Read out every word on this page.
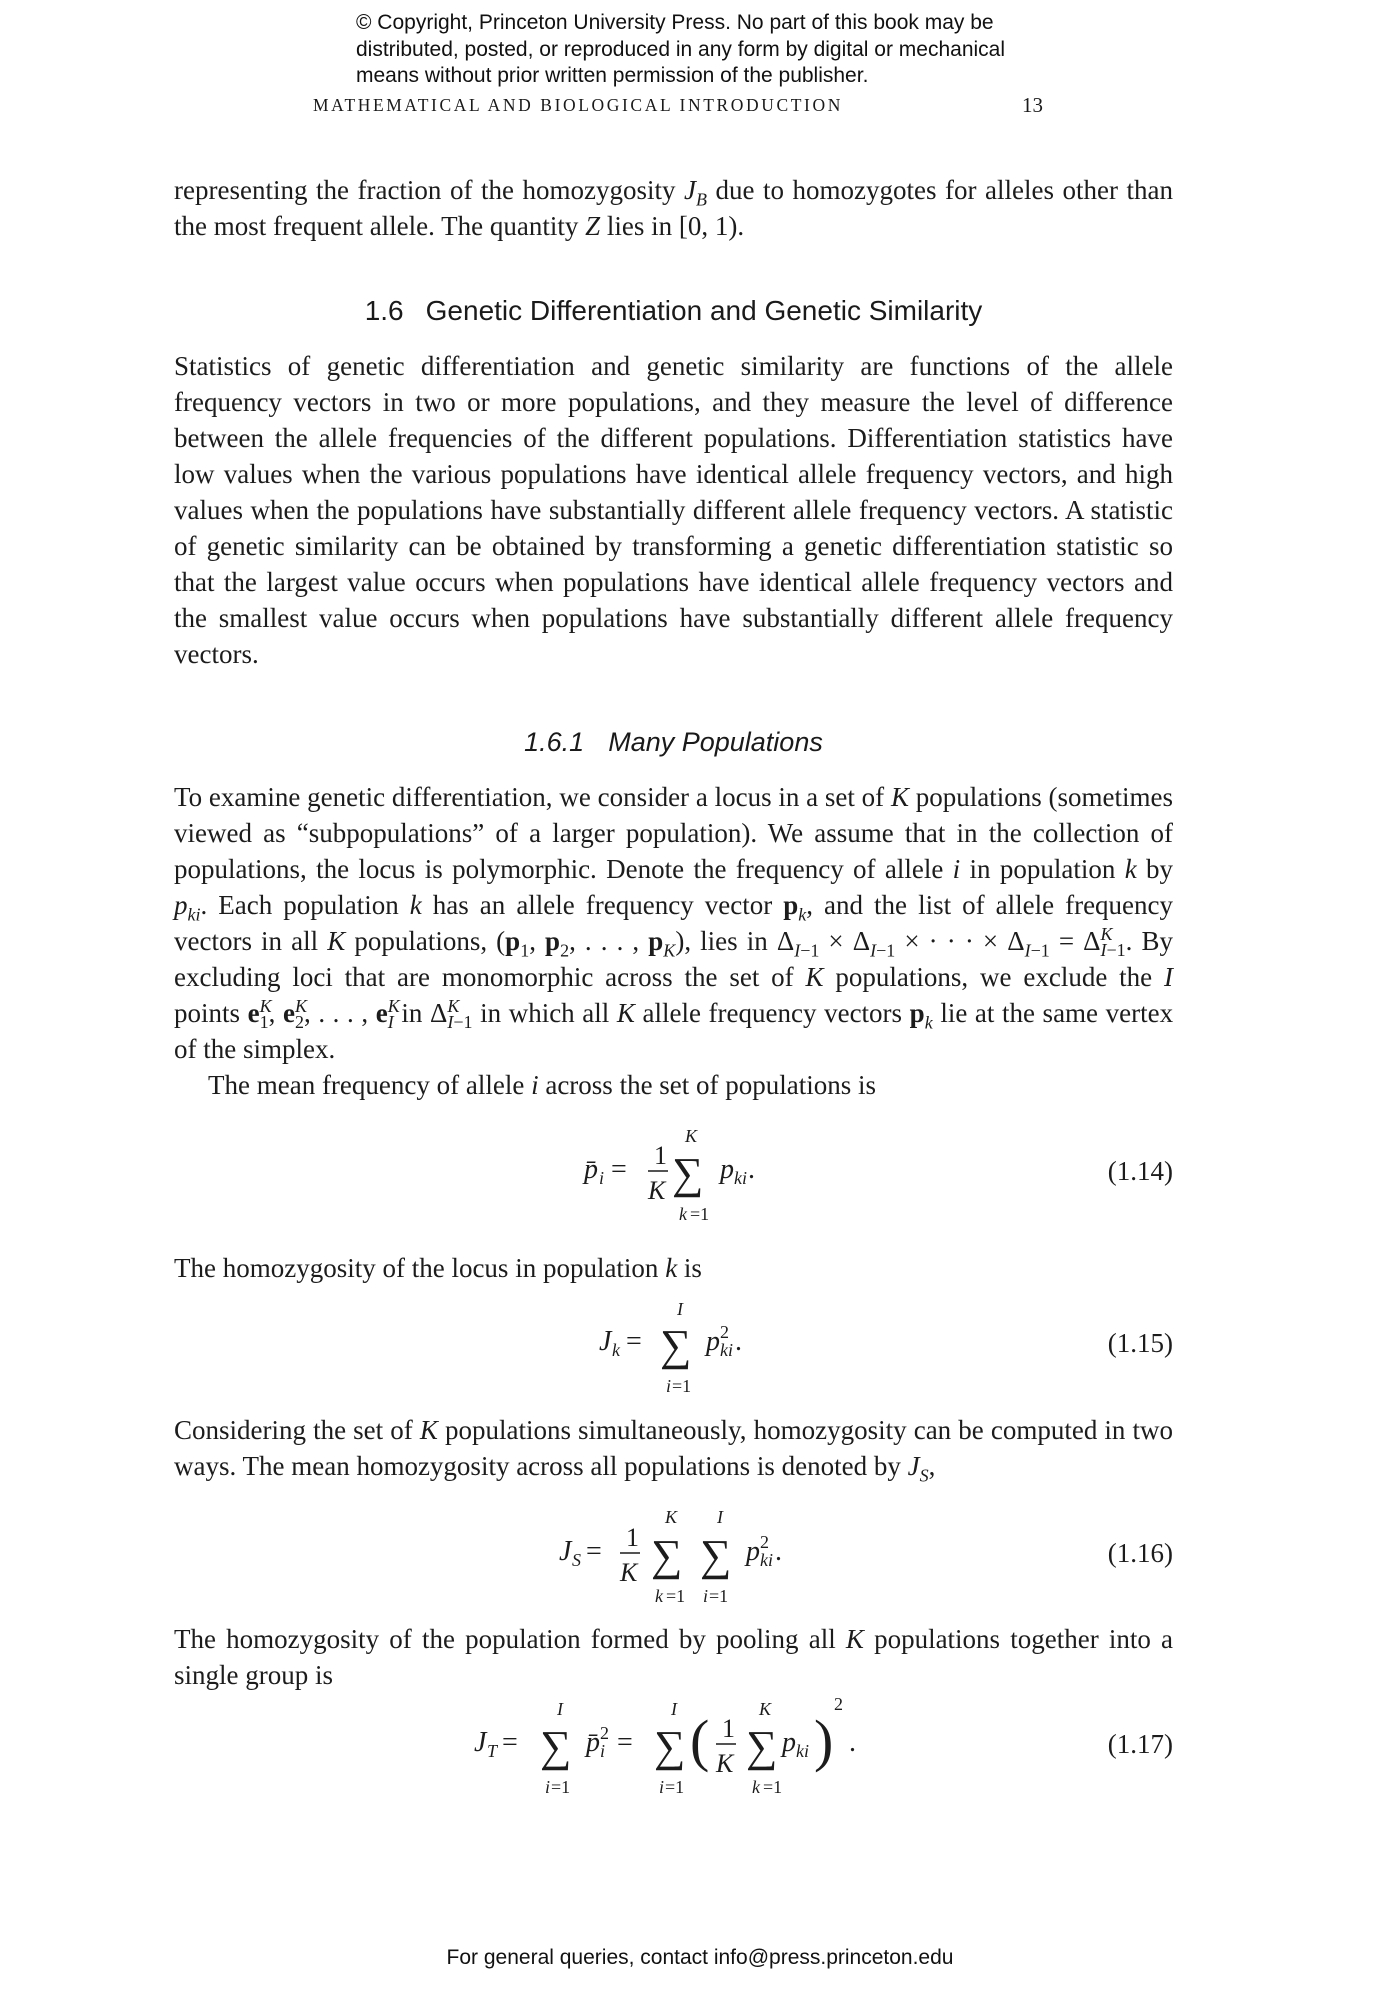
© Copyright, Princeton University Press. No part of this book may be
distributed, posted, or reproduced in any form by digital or mechanical
means without prior written permission of the publisher.
MATHEMATICAL AND BIOLOGICAL INTRODUCTION	13

representing the fraction of the homozygosity $J_B$ due to homozygotes for alleles other than the most frequent allele. The quantity Z lies in [0, 1).

1.6 Genetic Differentiation and Genetic Similarity

Statistics of genetic differentiation and genetic similarity are functions of the allele frequency vectors in two or more populations, and they measure the level of difference between the allele frequencies of the different populations. Differentiation statistics have low values when the various populations have identical allele frequency vectors, and high values when the populations have substantially different allele frequency vectors. A statistic of genetic similarity can be obtained by transforming a genetic differentiation statistic so that the largest value occurs when populations have identical allele frequency vectors and the smallest value occurs when populations have substantially different allele frequency vectors.

1.6.1 Many Populations

To examine genetic differentiation, we consider a locus in a set of K populations (sometimes viewed as “subpopulations” of a larger population). We assume that in the collection of populations, the locus is polymorphic. Denote the frequency of allele i in population k by $p_{ki}$. Each population k has an allele frequency vector $p_k$, and the list of allele frequency vectors in all K populations, ($p_1$, $p_2$, . . . , $p_K$), lies in $\Delta_{I-1} \times \Delta_{I-1}$ × · · · × $\Delta_{I-1} = \Delta^K_{I-1}$. By excluding loci that are monomorphic across the set of K populations, we exclude the I points $e^K_1$, $e^K_2$, . . . , $e^K_I$ in $\Delta^K_{I-1}$ in which all K allele frequency vectors $p_k$ lie at the same vertex of the simplex.

The mean frequency of allele i across the set of populations is

p̄ i = 1
K
K
∑
k =1
p ki .	(1.14)

The homozygosity of the locus in population k is

J k =
I
∑
i =1
p 2
ki .	(1.15)

Considering the set of K populations simultaneously, homozygosity can be computed in two ways. The mean homozygosity across all populations is denoted by $J_S$,

J S = 1
K
K
∑
k =1
I
∑
i =1
p 2
ki .	(1.16)

The homozygosity of the population formed by pooling all K populations together into a single group is

J T =
I
∑
i =1
p̄ 2
i =
I
∑
i =1
( 1
K
K
∑
k =1
p ki )
2
.	(1.17)
For general queries, contact info@press.princeton.edu
